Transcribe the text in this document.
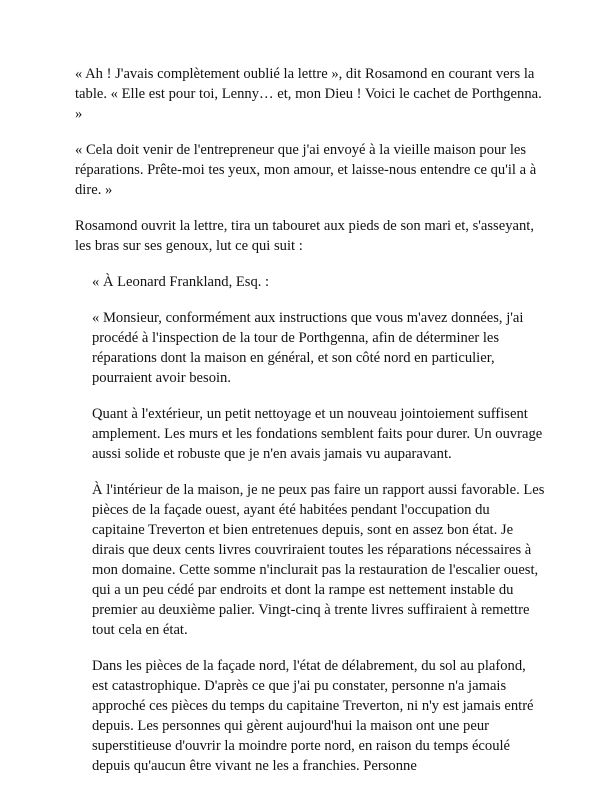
« Ah ! J'avais complètement oublié la lettre », dit Rosamond en courant vers la table. « Elle est pour toi, Lenny… et, mon Dieu ! Voici le cachet de Porthgenna. »

« Cela doit venir de l'entrepreneur que j'ai envoyé à la vieille maison pour les réparations. Prête-moi tes yeux, mon amour, et laisse-nous entendre ce qu'il a à dire. »

Rosamond ouvrit la lettre, tira un tabouret aux pieds de son mari et, s'asseyant, les bras sur ses genoux, lut ce qui suit :

« À Leonard Frankland, Esq. :

« Monsieur, conformément aux instructions que vous m'avez données, j'ai procédé à l'inspection de la tour de Porthgenna, afin de déterminer les réparations dont la maison en général, et son côté nord en particulier, pourraient avoir besoin.

Quant à l'extérieur, un petit nettoyage et un nouveau jointoiement suffisent amplement. Les murs et les fondations semblent faits pour durer. Un ouvrage aussi solide et robuste que je n'en avais jamais vu auparavant.

À l'intérieur de la maison, je ne peux pas faire un rapport aussi favorable. Les pièces de la façade ouest, ayant été habitées pendant l'occupation du capitaine Treverton et bien entretenues depuis, sont en assez bon état. Je dirais que deux cents livres couvriraient toutes les réparations nécessaires à mon domaine. Cette somme n'inclurait pas la restauration de l'escalier ouest, qui a un peu cédé par endroits et dont la rampe est nettement instable du premier au deuxième palier. Vingt-cinq à trente livres suffiraient à remettre tout cela en état.

Dans les pièces de la façade nord, l'état de délabrement, du sol au plafond, est catastrophique. D'après ce que j'ai pu constater, personne n'a jamais approché ces pièces du temps du capitaine Treverton, ni n'y est jamais entré depuis. Les personnes qui gèrent aujourd'hui la maison ont une peur superstitieuse d'ouvrir la moindre porte nord, en raison du temps écoulé depuis qu'aucun être vivant ne les a franchies. Personne
